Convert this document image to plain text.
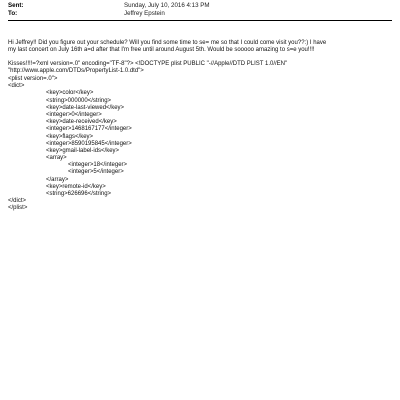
Sent:	Sunday, July 10, 2016 4:13 PM
To:	Jeffrey Epstein

Hi Jeffrey!! Did you figure out your schedule? Will you find some time to se= me so that I could come visit you??:) I have

my last concert on July 16th a=d after that I'm free until around August 5th. Would be sooooo amazing to s=e you!!!!

Kisses!!!!=?xml version=.0" encoding="TF-8"?> <!DOCTYPE plist PUBLIC "-//Apple//DTD PLIST 1.0//EN"

"http://www.apple.com/DTDs/PropertyList-1.0.dtd">

<plist version=.0">
<dict>
<key>color</key>
<string>000000</string>
<key>date-last-viewed</key>
<integer>0</integer>
<key>date-received</key>
<integer>1468167177</integer>
<key>flags</key>
<integer>8590195845</integer>
<key>gmail-label-ids</key>
<array>
<integer>18</integer>
<integer>5</integer>
</array>
<key>remote-id</key>
<string>626696</string>
</dict>
</plist>
